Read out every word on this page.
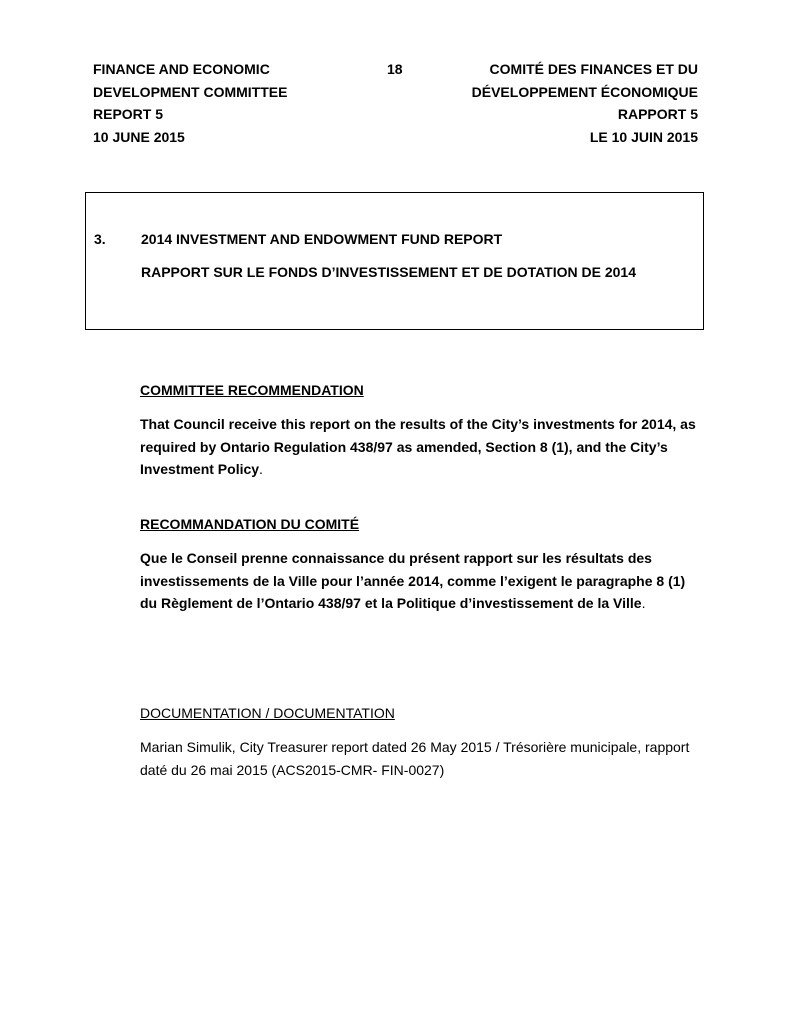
FINANCE AND ECONOMIC
DEVELOPMENT COMMITTEE
REPORT 5
10 JUNE 2015
18	COMITÉ DES FINANCES ET DU
DÉVELOPPEMENT ÉCONOMIQUE
RAPPORT 5
LE 10 JUIN 2015
3.	2014 INVESTMENT AND ENDOWMENT FUND REPORT
RAPPORT SUR LE FONDS D’INVESTISSEMENT ET DE DOTATION DE 2014
COMMITTEE RECOMMENDATION
That Council receive this report on the results of the City’s investments for 2014, as required by Ontario Regulation 438/97 as amended, Section 8 (1), and the City’s Investment Policy.
RECOMMANDATION DU COMITÉ
Que le Conseil prenne connaissance du présent rapport sur les résultats des investissements de la Ville pour l’année 2014, comme l’exigent le paragraphe 8 (1) du Règlement de l’Ontario 438/97 et la Politique d’investissement de la Ville.
DOCUMENTATION / DOCUMENTATION
Marian Simulik, City Treasurer report dated 26 May 2015 / Trésorière municipale, rapport daté du 26 mai 2015 (ACS2015-CMR- FIN-0027)
